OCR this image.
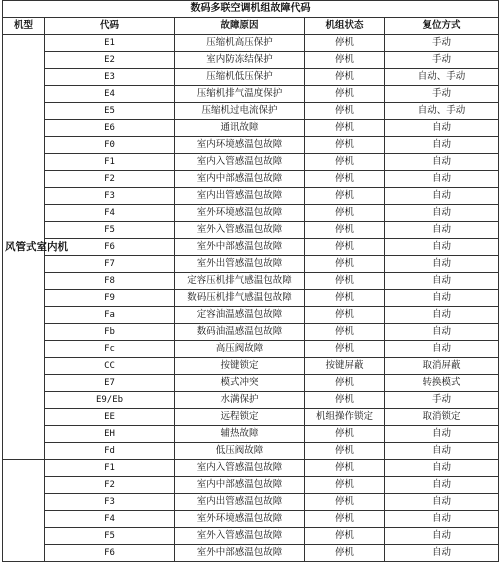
数码多联空调机组故障代码				
机型	代码	故障原因	机组状态	复位方式
风管式室内机	E1	压缩机高压保护	停机	手动
	E2	室内防冻结保护	停机	手动
	E3	压缩机低压保护	停机	自动、手动
	E4	压缩机排气温度保护	停机	手动
	E5	压缩机过电流保护	停机	自动、手动
	E6	通讯故障	停机	自动
	F0	室内环境感温包故障	停机	自动
	F1	室内入管感温包故障	停机	自动
	F2	室内中部感温包故障	停机	自动
	F3	室内出管感温包故障	停机	自动
	F4	室外环境感温包故障	停机	自动
	F5	室外入管感温包故障	停机	自动
	F6	室外中部感温包故障	停机	自动
	F7	室外出管感温包故障	停机	自动
	F8	定容压机排气感温包故障	停机	自动
	F9	数码压机排气感温包故障	停机	自动
	Fa	定容油温感温包故障	停机	自动
	Fb	数码油温感温包故障	停机	自动
	Fc	高压阀故障	停机	自动
	CC	按键锁定	按键屏蔽	取消屏蔽
	E7	模式冲突	停机	转换模式
	E9/Eb	水满保护	停机	手动
	EE	远程锁定	机组操作锁定	取消锁定
	EH	辅热故障	停机	自动
	Fd	低压阀故障	停机	自动
	F1	室内入管感温包故障	停机	自动
	F2	室内中部感温包故障	停机	自动
	F3	室内出管感温包故障	停机	自动
	F4	室外环境感温包故障	停机	自动
	F5	室外入管感温包故障	停机	自动
	F6	室外中部感温包故障	停机	自动
